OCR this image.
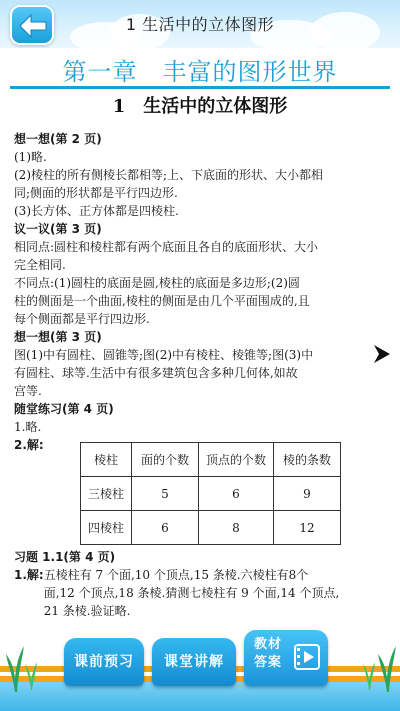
1 生活中的立体图形
第一章　丰富的图形世界
1　生活中的立体图形

想一想(第 2 页)

(1)略.

(2)棱柱的所有侧棱长都相等;上、下底面的形状、大小都相

同;侧面的形状都是平行四边形.

(3)长方体、正方体都是四棱柱.

议一议(第 3 页)

相同点:圆柱和棱柱都有两个底面且各自的底面形状、大小

完全相同.

不同点:(1)圆柱的底面是圆,棱柱的底面是多边形;(2)圆

柱的侧面是一个曲面,棱柱的侧面是由几个平面围成的,且

每个侧面都是平行四边形.

想一想(第 3 页)

图(1)中有圆柱、圆锥等;图(2)中有棱柱、棱锥等;图(3)中

有圆柱、球等.生活中有很多建筑包含多种几何体,如故

宫等.

随堂练习(第 4 页)

1.略.

2.解:

棱柱	面的个数	顶点的个数	棱的条数
三棱柱	5	6	9
四棱柱	6	8	12

习题 1.1(第 4 页)

1.解: 五棱柱有 7 个面,10 个顶点,15 条棱.六棱柱有8个

面,12 个顶点,18 条棱.猜测七棱柱有 9 个面,14 个顶点,

21 条棱.验证略.

课前预习	课堂讲解
教材
答案
